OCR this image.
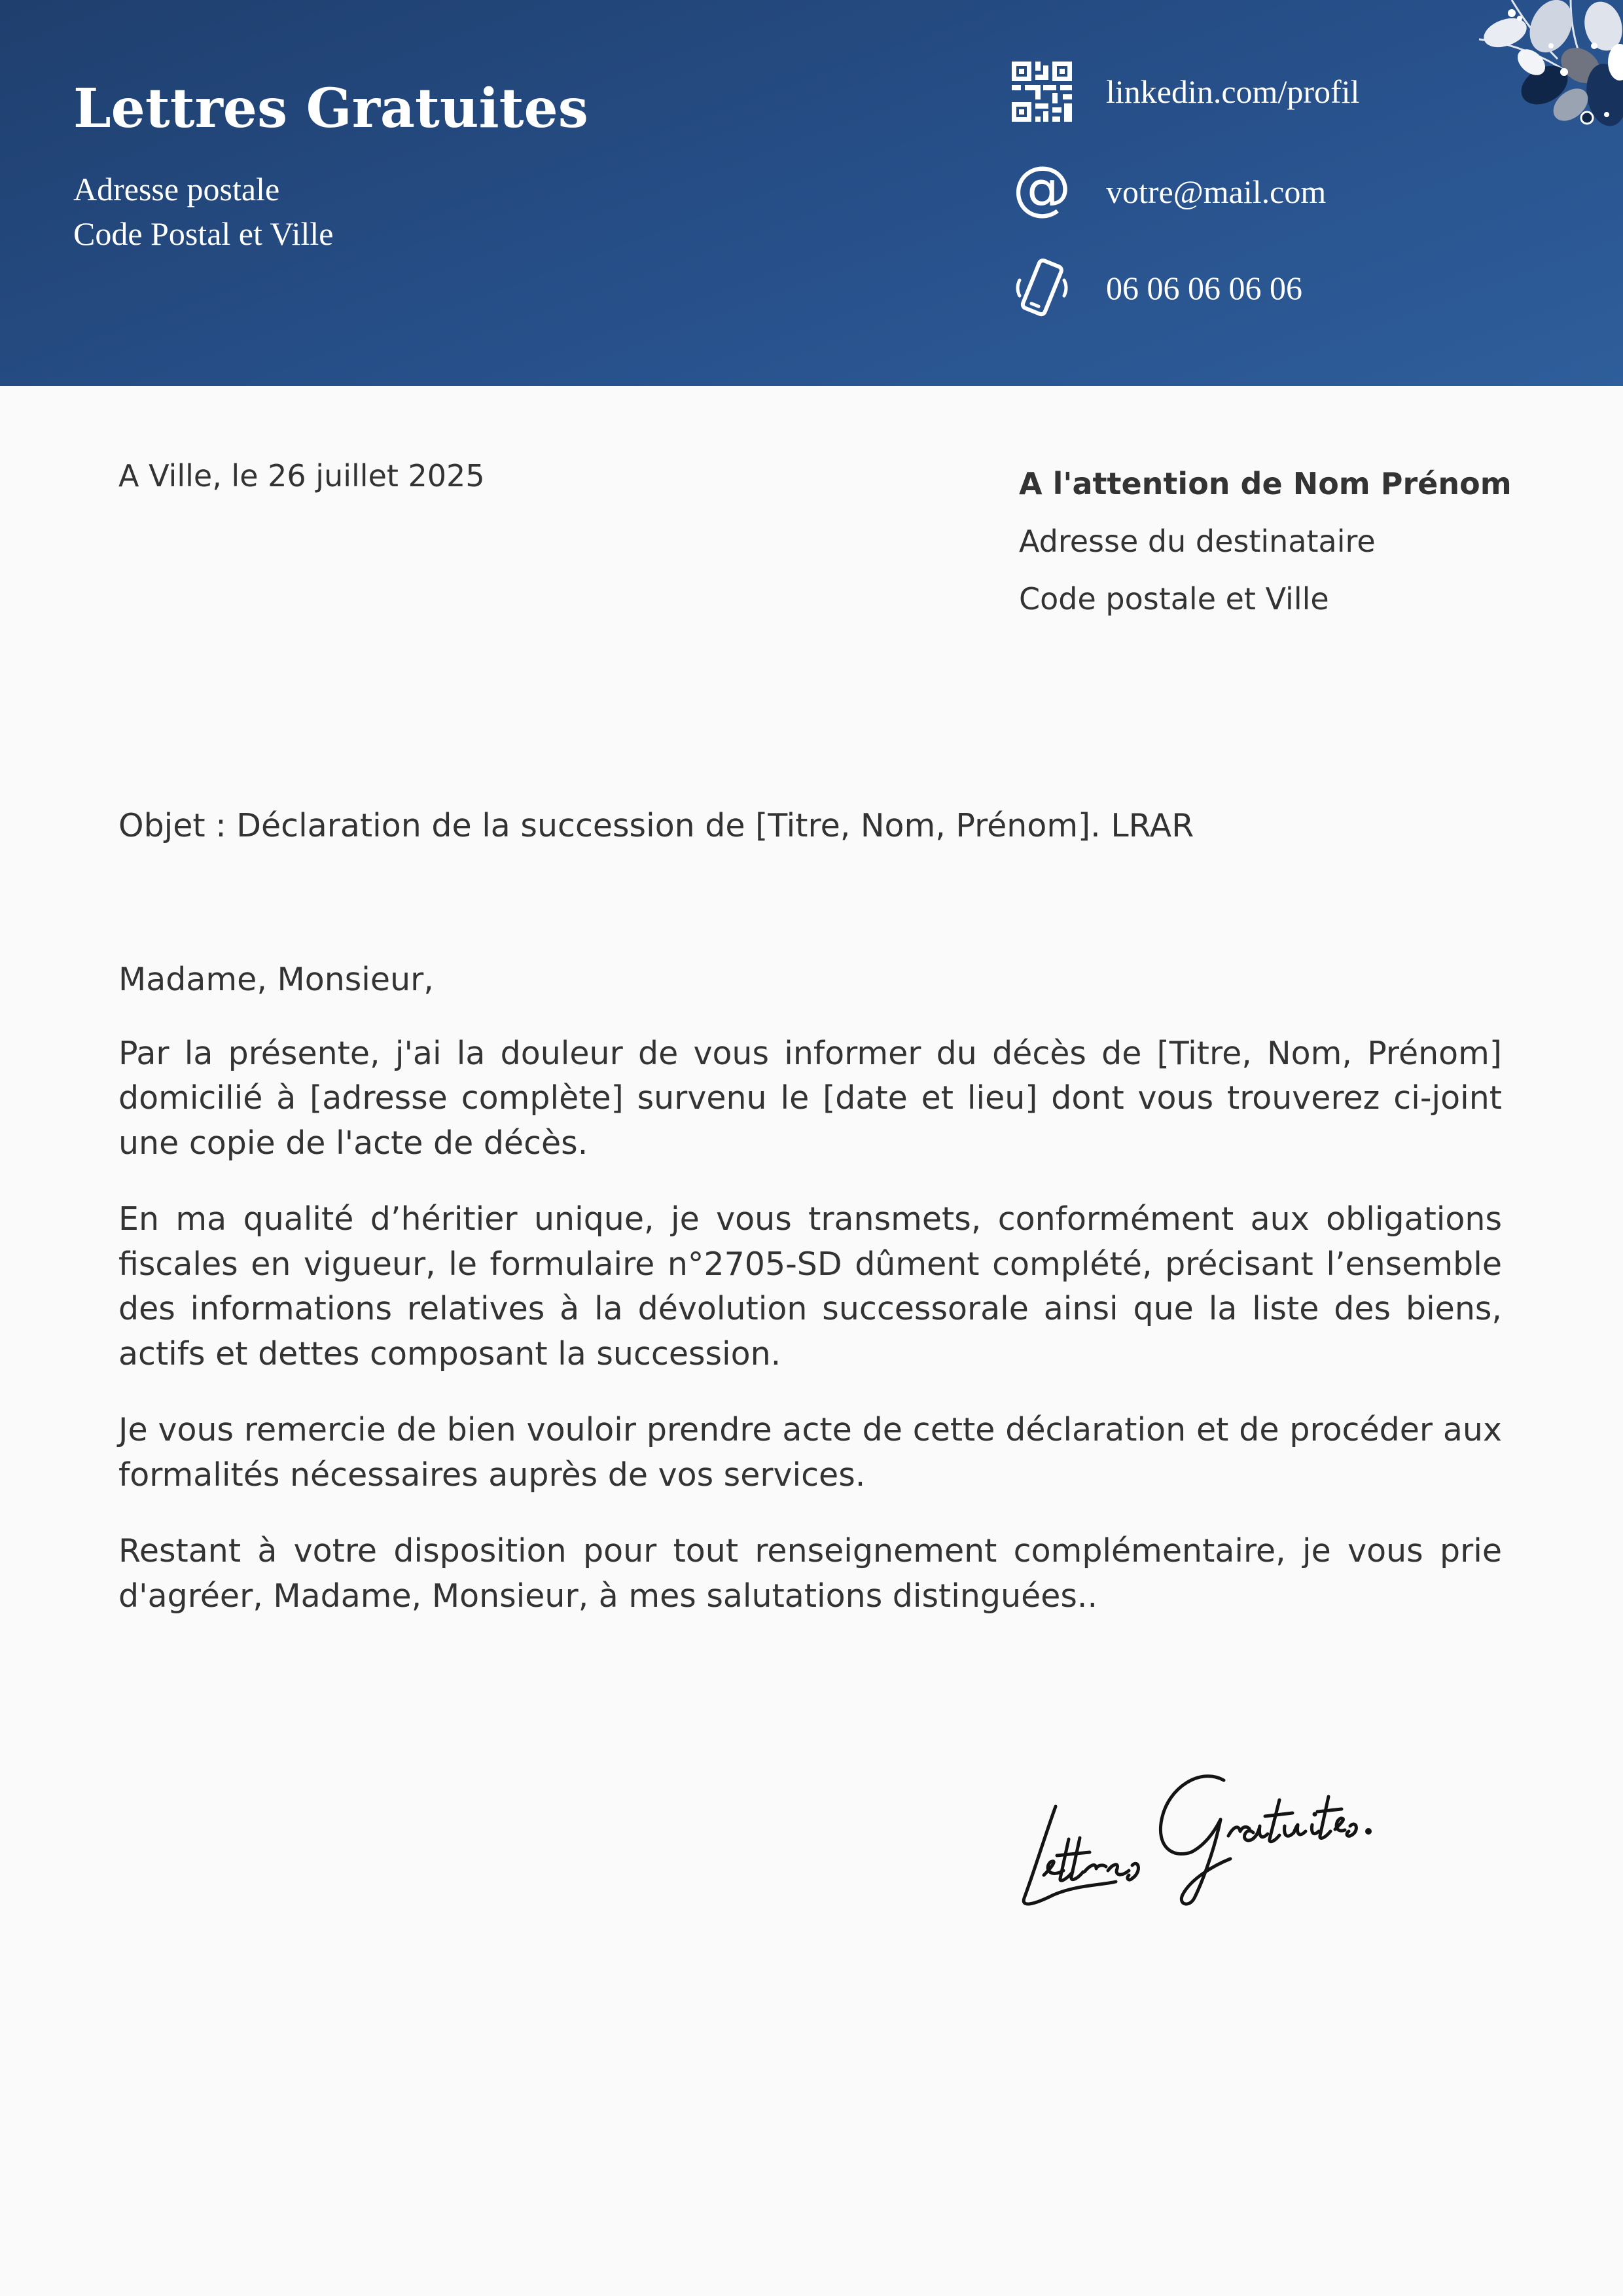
Lettres Gratuites
Adresse postale
Code Postal et Ville
linkedin.com/profil
@ votre@mail.com
06 06 06 06 06
A Ville, le 26 juillet 2025	A l'attention de Nom Prénom
Adresse du destinataire
Code postale et Ville
Objet : Déclaration de la succession de [Titre, Nom, Prénom]. LRAR

Madame, Monsieur,

Par la présente, j'ai la douleur de vous informer du décès de [Titre, Nom, Prénom] domicilié à [adresse complète] survenu le [date et lieu] dont vous trouverez ci-joint une copie de l'acte de décès.

En ma qualité d’héritier unique, je vous transmets, conformément aux obligations fiscales en vigueur, le formulaire n°2705-SD dûment complété, précisant l’ensemble des informations relatives à la dévolution successorale ainsi que la liste des biens, actifs et dettes composant la succession.

Je vous remercie de bien vouloir prendre acte de cette déclaration et de procéder aux formalités nécessaires auprès de vos services.

Restant à votre disposition pour tout renseignement complémentaire, je vous prie d'agréer, Madame, Monsieur, à mes salutations distinguées..
